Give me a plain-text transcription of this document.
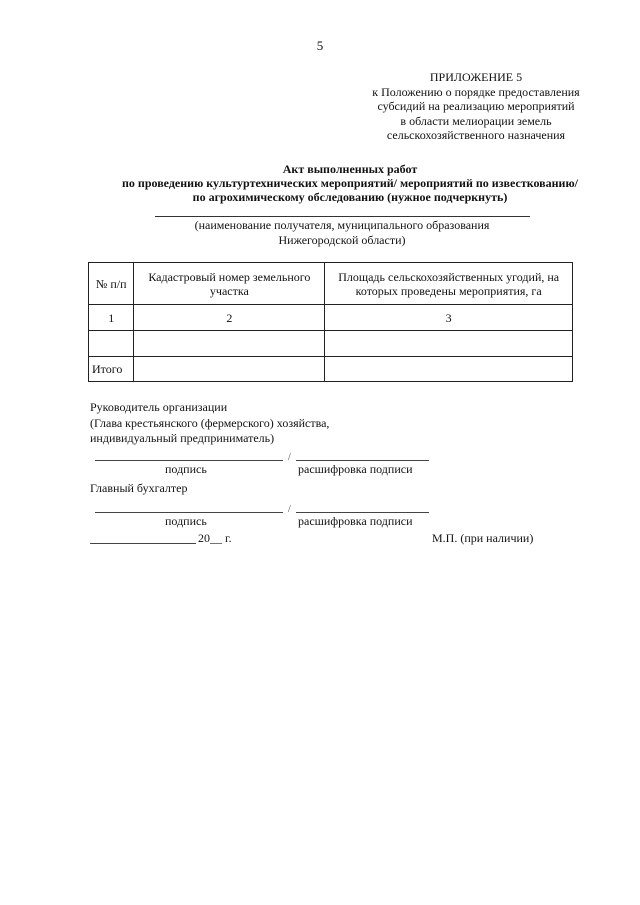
5
ПРИЛОЖЕНИЕ 5
к Положению о порядке предоставления
субсидий на реализацию мероприятий
в области мелиорации земель
сельскохозяйственного назначения
Акт выполненных работ
по проведению культуртехнических мероприятий/ мероприятий по известкованию/
по агрохимическому обследованию (нужное подчеркнуть)
(наименование получателя, муниципального образования
Нижегородской области)
№ п/п	Кадастровый номер земельного участка	Площадь сельскохозяйственных угодий, на которых проведены мероприятия, га
1	2	3

Итого		
Руководитель организации
(Глава крестьянского (фермерского) хозяйства,
индивидуальный предприниматель)
/
подпись	расшифровка подписи
Главный бухгалтер
/
подпись	расшифровка подписи
20__ г.	М.П. (при наличии)
